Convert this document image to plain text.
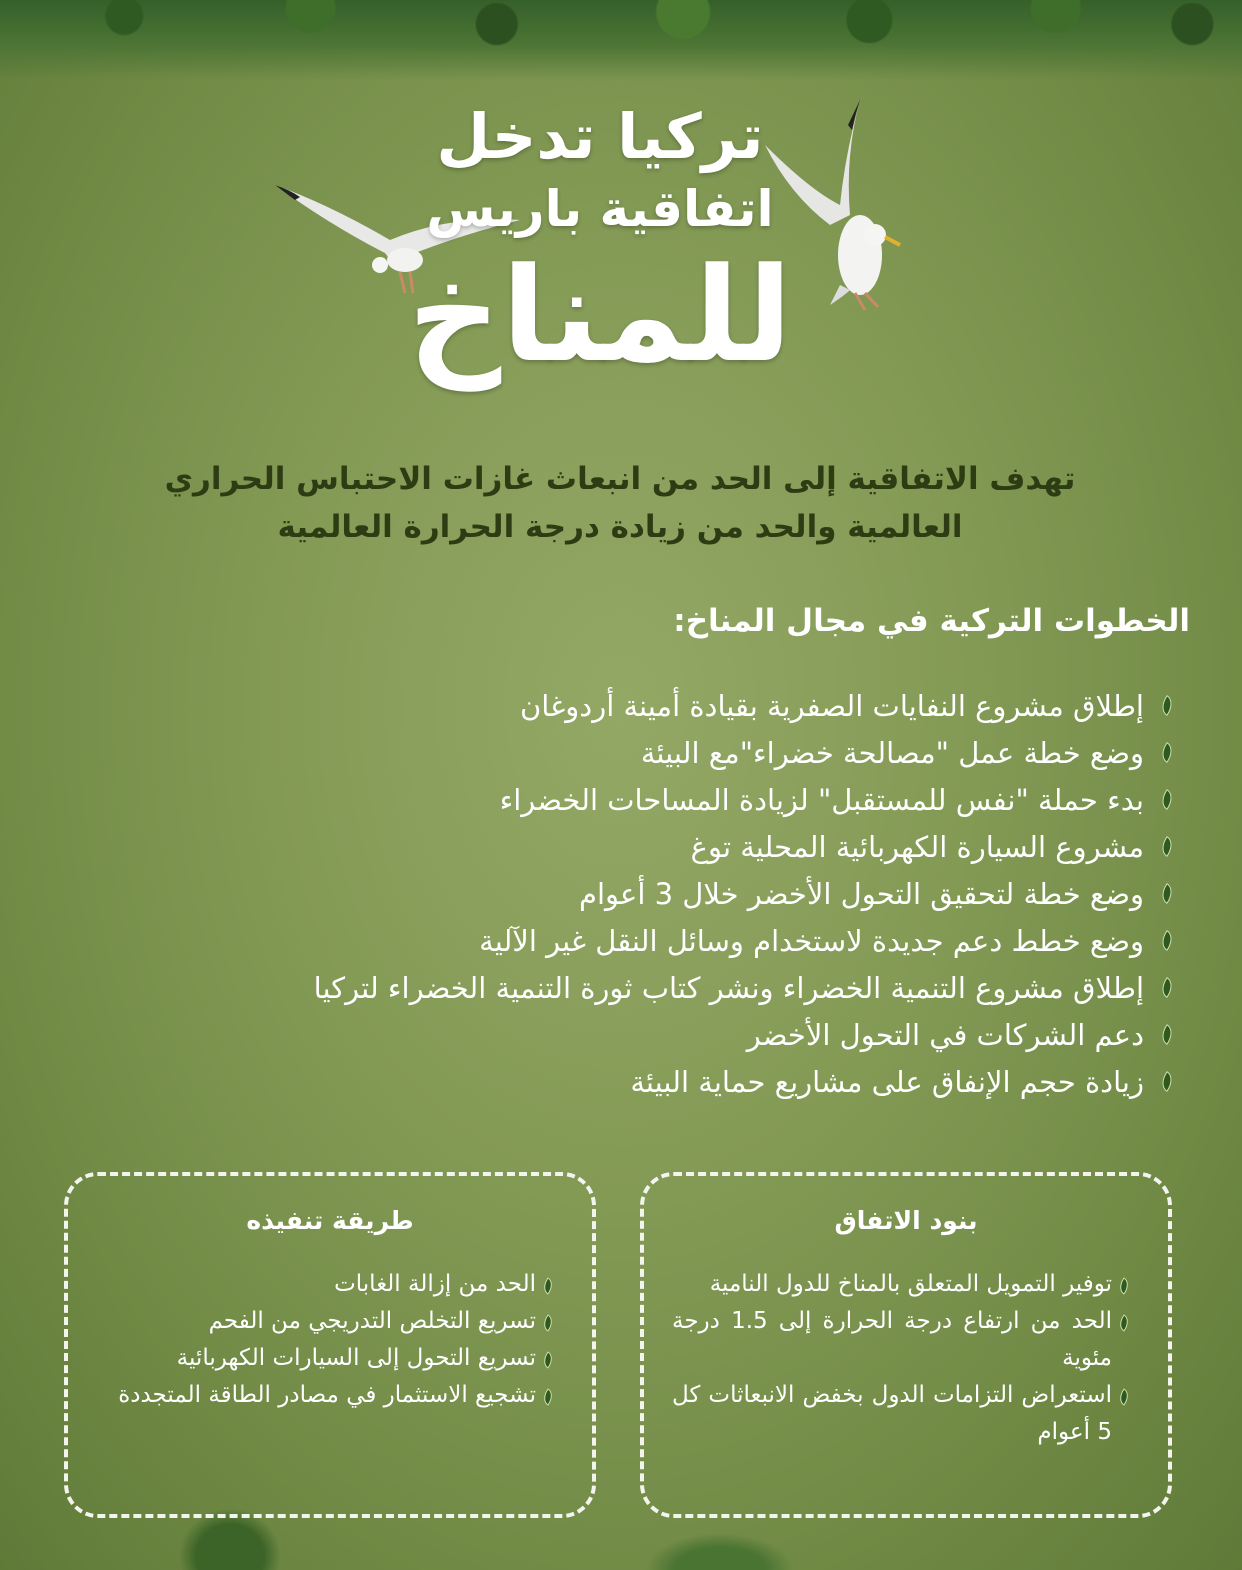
تركيا تدخل
اتفاقية باريس
للمناخ
تهدف الاتفاقية إلى الحد من انبعاث غازات الاحتباس الحراري العالمية والحد من زيادة درجة الحرارة العالمية
الخطوات التركية في مجال المناخ:
إطلاق مشروع النفايات الصفرية بقيادة أمينة أردوغان
وضع خطة عمل "مصالحة خضراء"مع البيئة
بدء حملة "نفس للمستقبل" لزيادة المساحات الخضراء
مشروع السيارة الكهربائية المحلية توغ
وضع خطة لتحقيق التحول الأخضر خلال 3 أعوام
وضع خطط دعم جديدة لاستخدام وسائل النقل غير الآلية
إطلاق مشروع التنمية الخضراء ونشر كتاب ثورة التنمية الخضراء لتركيا
دعم الشركات في التحول الأخضر
زيادة حجم الإنفاق على مشاريع حماية البيئة
بنود الاتفاق
توفير التمويل المتعلق بالمناخ للدول النامية
الحد من ارتفاع درجة الحرارة إلى 1.5 درجة مئوية
استعراض التزامات الدول بخفض الانبعاثات كل 5 أعوام
طريقة تنفيذه
الحد من إزالة الغابات
تسريع التخلص التدريجي من الفحم
تسريع التحول إلى السيارات الكهربائية
تشجيع الاستثمار في مصادر الطاقة المتجددة
